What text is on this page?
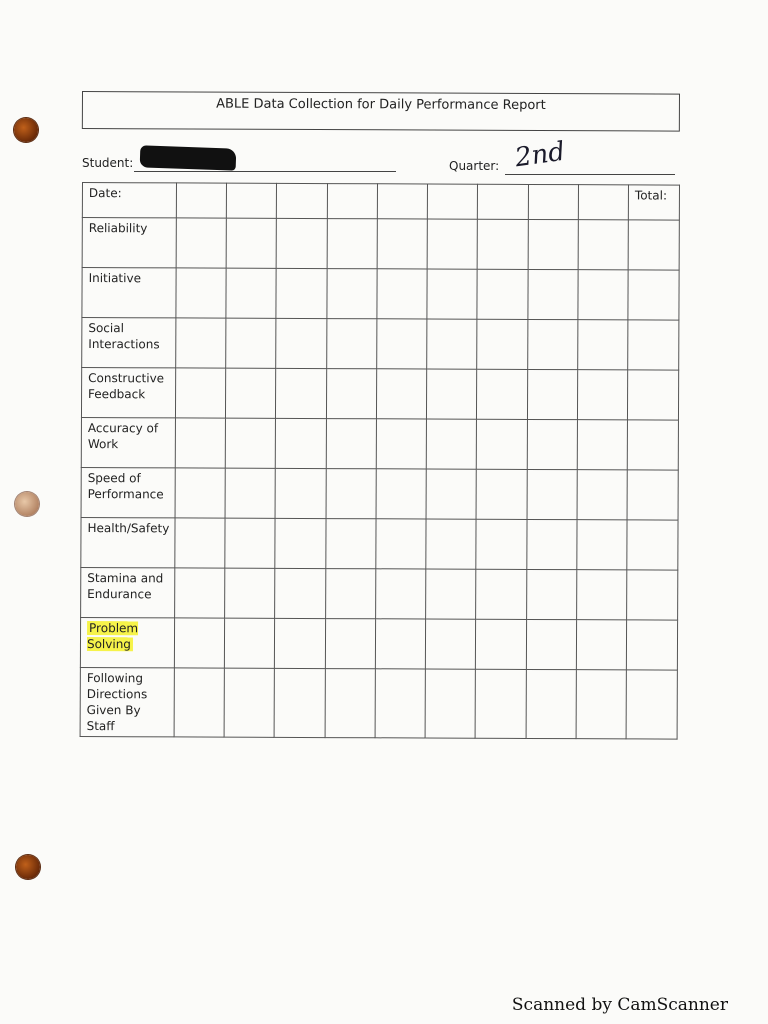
ABLE Data Collection for Daily Performance Report
Student:	Quarter: 2nd
Date:										Total:
Reliability										
Initiative										
Social Interactions										
Constructive Feedback										
Accuracy of Work										
Speed of Performance										
Health/Safety										
Stamina and Endurance										
Problem Solving										
Following Directions Given By Staff										
Scanned by CamScanner
